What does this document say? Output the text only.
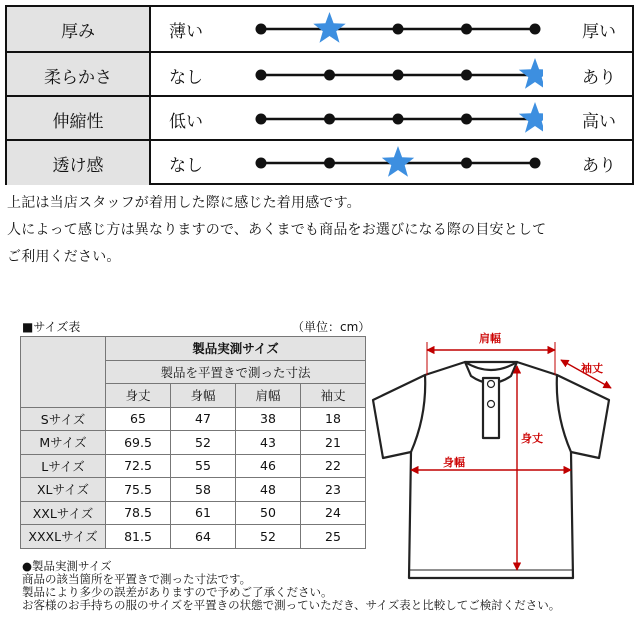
厚み	薄い	厚い
柔らかさ	なし	あり
伸縮性	低い	高い
透け感	なし	あり
上記は当店スタッフが着用した際に感じた着用感です。
人によって感じ方は異なりますので、あくまでも商品をお選びになる際の目安として
ご利用ください。
■サイズ表	（単位：cm）
	製品実測サイズ			
	製品を平置きで測った寸法			
	身丈	身幅	肩幅	袖丈
Sサイズ	65	47	38	18
Mサイズ	69.5	52	43	21
Lサイズ	72.5	55	46	22
XLサイズ	75.5	58	48	23
XXLサイズ	78.5	61	50	24
XXXLサイズ	81.5	64	52	25
●製品実測サイズ
商品の該当箇所を平置きで測った寸法です。
製品により多少の誤差がありますので予めご了承ください。
お客様のお手持ちの服のサイズを平置きの状態で測っていただき、サイズ表と比較してご検討ください。
肩幅
袖丈
身丈
身幅
